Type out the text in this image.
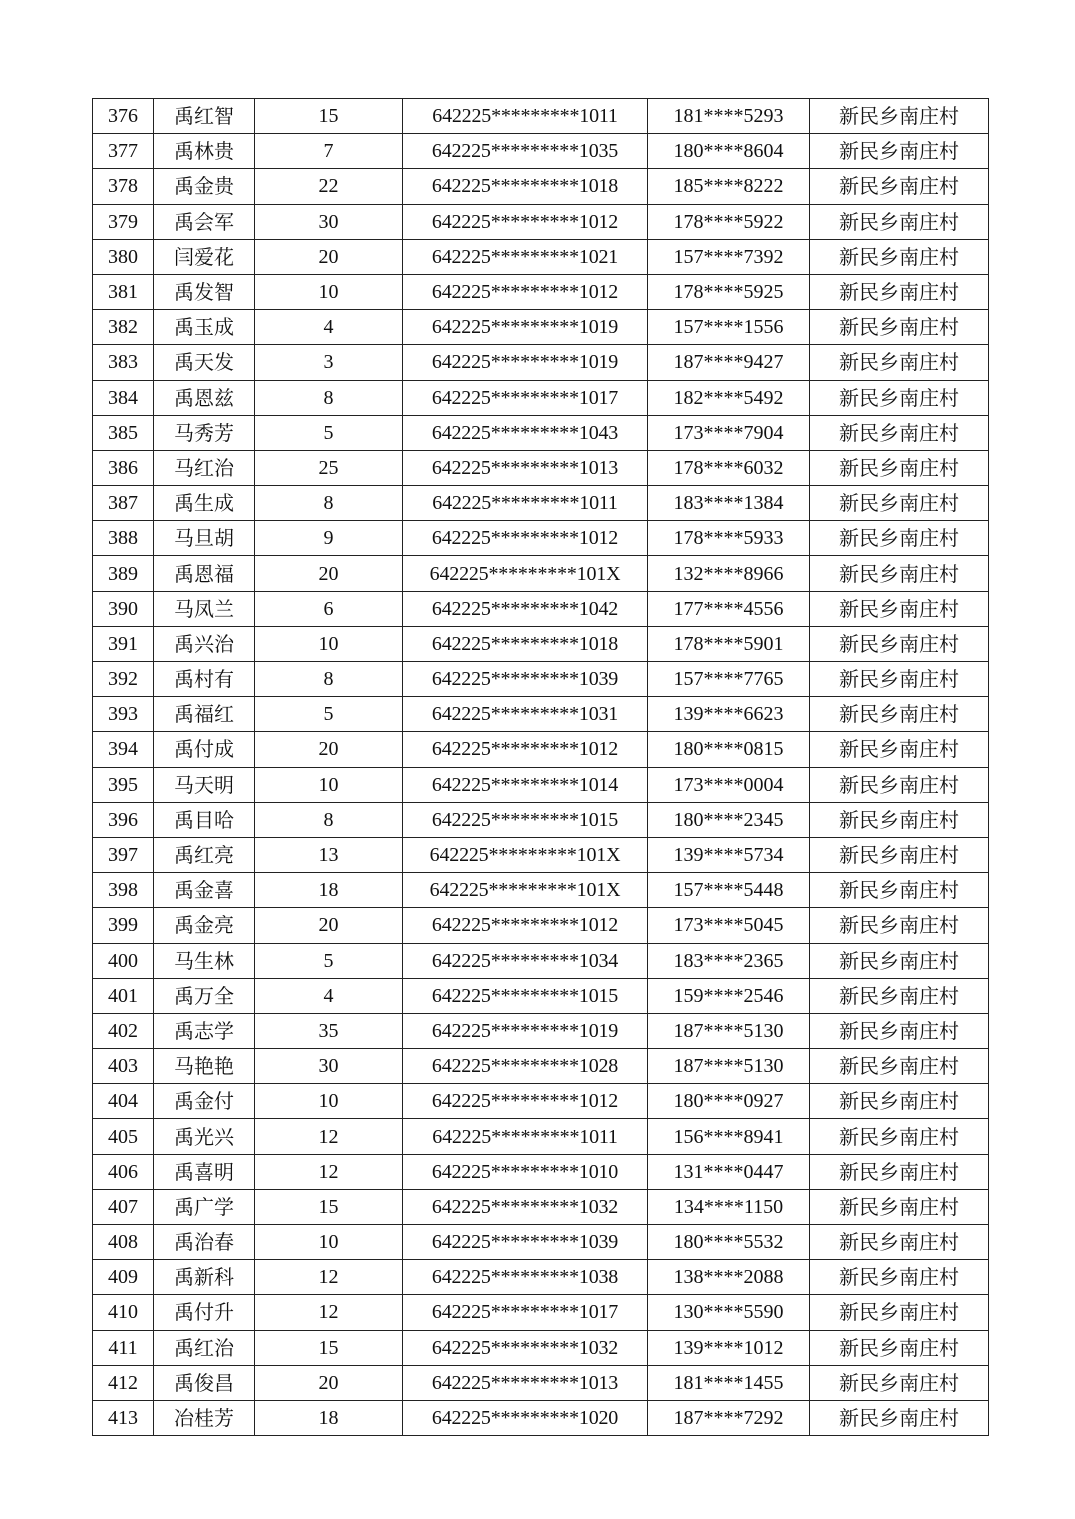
376	禹红智	15	642225*********1011	181****5293	新民乡南庄村
377	禹林贵	7	642225*********1035	180****8604	新民乡南庄村
378	禹金贵	22	642225*********1018	185****8222	新民乡南庄村
379	禹会军	30	642225*********1012	178****5922	新民乡南庄村
380	闫爱花	20	642225*********1021	157****7392	新民乡南庄村
381	禹发智	10	642225*********1012	178****5925	新民乡南庄村
382	禹玉成	4	642225*********1019	157****1556	新民乡南庄村
383	禹天发	3	642225*********1019	187****9427	新民乡南庄村
384	禹恩兹	8	642225*********1017	182****5492	新民乡南庄村
385	马秀芳	5	642225*********1043	173****7904	新民乡南庄村
386	马红治	25	642225*********1013	178****6032	新民乡南庄村
387	禹生成	8	642225*********1011	183****1384	新民乡南庄村
388	马旦胡	9	642225*********1012	178****5933	新民乡南庄村
389	禹恩福	20	642225*********101X	132****8966	新民乡南庄村
390	马凤兰	6	642225*********1042	177****4556	新民乡南庄村
391	禹兴治	10	642225*********1018	178****5901	新民乡南庄村
392	禹村有	8	642225*********1039	157****7765	新民乡南庄村
393	禹福红	5	642225*********1031	139****6623	新民乡南庄村
394	禹付成	20	642225*********1012	180****0815	新民乡南庄村
395	马天明	10	642225*********1014	173****0004	新民乡南庄村
396	禹目哈	8	642225*********1015	180****2345	新民乡南庄村
397	禹红亮	13	642225*********101X	139****5734	新民乡南庄村
398	禹金喜	18	642225*********101X	157****5448	新民乡南庄村
399	禹金亮	20	642225*********1012	173****5045	新民乡南庄村
400	马生林	5	642225*********1034	183****2365	新民乡南庄村
401	禹万全	4	642225*********1015	159****2546	新民乡南庄村
402	禹志学	35	642225*********1019	187****5130	新民乡南庄村
403	马艳艳	30	642225*********1028	187****5130	新民乡南庄村
404	禹金付	10	642225*********1012	180****0927	新民乡南庄村
405	禹光兴	12	642225*********1011	156****8941	新民乡南庄村
406	禹喜明	12	642225*********1010	131****0447	新民乡南庄村
407	禹广学	15	642225*********1032	134****1150	新民乡南庄村
408	禹治春	10	642225*********1039	180****5532	新民乡南庄村
409	禹新科	12	642225*********1038	138****2088	新民乡南庄村
410	禹付升	12	642225*********1017	130****5590	新民乡南庄村
411	禹红治	15	642225*********1032	139****1012	新民乡南庄村
412	禹俊昌	20	642225*********1013	181****1455	新民乡南庄村
413	冶桂芳	18	642225*********1020	187****7292	新民乡南庄村
